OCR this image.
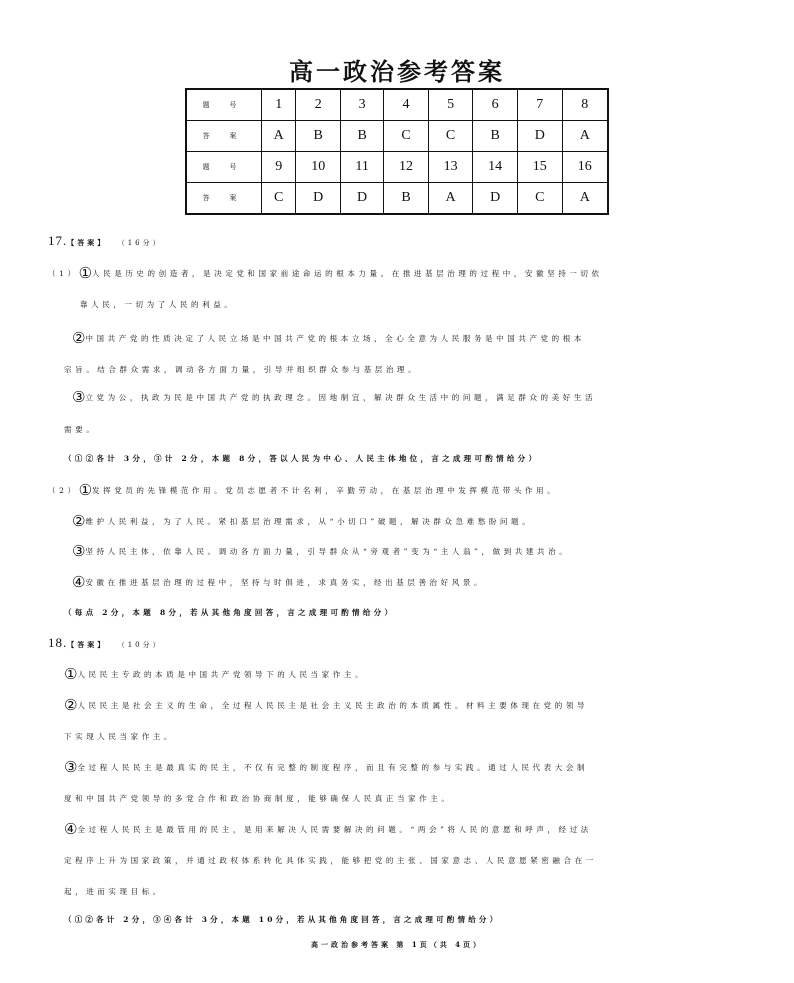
高一政治参考答案
题 号	1	2	3	4	5	6	7	8
答 案	A	B	B	C	C	B	D	A
题 号	9	10	11	12	13	14	15	16
答 案	C	D	D	B	A	D	C	A
17.【答案】 （16分）
（1）①人民是历史的创造者，是决定党和国家前途命运的根本力量。在推进基层治理的过程中，安徽坚持一切依
靠人民，一切为了人民的利益。
②中国共产党的性质决定了人民立场是中国共产党的根本立场，全心全意为人民服务是中国共产党的根本
宗旨。结合群众需求，调动各方面力量，引导并组织群众参与基层治理。
③立党为公，执政为民是中国共产党的执政理念。因地制宜，解决群众生活中的问题，满足群众的美好生活
需要。
（①②各计 3分，③计 2分，本题 8分，答以人民为中心、人民主体地位，言之成理可酌情给分）
（2）①发挥党员的先锋模范作用。党员志愿者不计名利，辛勤劳动，在基层治理中发挥模范带头作用。
②维护人民利益，为了人民。紧扣基层治理需求，从“小切口”破题，解决群众急难愁盼问题。
③坚持人民主体，依靠人民。调动各方面力量，引导群众从“旁观者”变为“主人翁”，做到共建共治。
④安徽在推进基层治理的过程中，坚持与时俱进，求真务实，经出基层善治好风景。
（每点 2分，本题 8分，若从其他角度回答，言之成理可酌情给分）
18.【答案】 （10分）
①人民民主专政的本质是中国共产党领导下的人民当家作主。
②人民民主是社会主义的生命，全过程人民民主是社会主义民主政治的本质属性。材料主要体现在党的领导
下实现人民当家作主。
③全过程人民民主是最真实的民主，不仅有完整的制度程序，而且有完整的参与实践。通过人民代表大会制
度和中国共产党领导的多党合作和政治协商制度，能够确保人民真正当家作主。
④全过程人民民主是最管用的民主，是用来解决人民需要解决的问题。“两会”将人民的意愿和呼声，经过法
定程序上升为国家政策，并通过政权体系转化具体实践，能够把党的主张、国家意志、人民意愿紧密融合在一
起，进而实现目标。
（①②各计 2分，③④各计 3分，本题 10分，若从其他角度回答，言之成理可酌情给分）
高一政治参考答案 第 1页（共 4页）
